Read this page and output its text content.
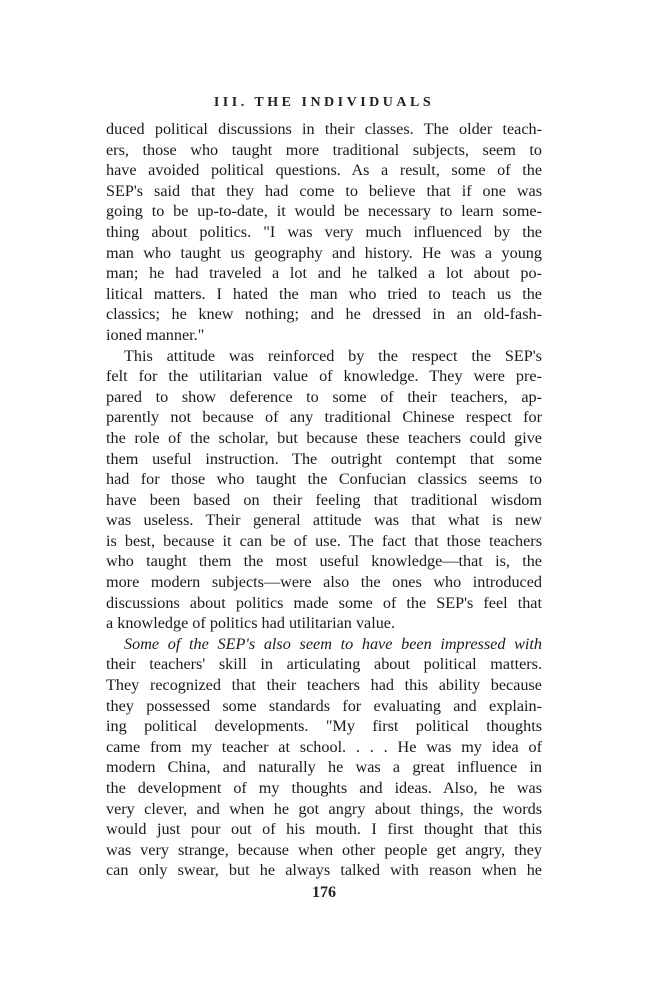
III. THE INDIVIDUALS
duced political discussions in their classes. The older teach-
ers, those who taught more traditional subjects, seem to
have avoided political questions. As a result, some of the
SEP's said that they had come to believe that if one was
going to be up-to-date, it would be necessary to learn some-
thing about politics. "I was very much influenced by the
man who taught us geography and history. He was a young
man; he had traveled a lot and he talked a lot about po-
litical matters. I hated the man who tried to teach us the
classics; he knew nothing; and he dressed in an old-fash-
ioned manner."
This attitude was reinforced by the respect the SEP's
felt for the utilitarian value of knowledge. They were pre-
pared to show deference to some of their teachers, ap-
parently not because of any traditional Chinese respect for
the role of the scholar, but because these teachers could give
them useful instruction. The outright contempt that some
had for those who taught the Confucian classics seems to
have been based on their feeling that traditional wisdom
was useless. Their general attitude was that what is new
is best, because it can be of use. The fact that those teachers
who taught them the most useful knowledge—that is, the
more modern subjects—were also the ones who introduced
discussions about politics made some of the SEP's feel that
a knowledge of politics had utilitarian value.
Some of the SEP's also seem to have been impressed with
their teachers' skill in articulating about political matters.
They recognized that their teachers had this ability because
they possessed some standards for evaluating and explain-
ing political developments. "My first political thoughts
came from my teacher at school. . . . He was my idea of
modern China, and naturally he was a great influence in
the development of my thoughts and ideas. Also, he was
very clever, and when he got angry about things, the words
would just pour out of his mouth. I first thought that this
was very strange, because when other people get angry, they
can only swear, but he always talked with reason when he
176
